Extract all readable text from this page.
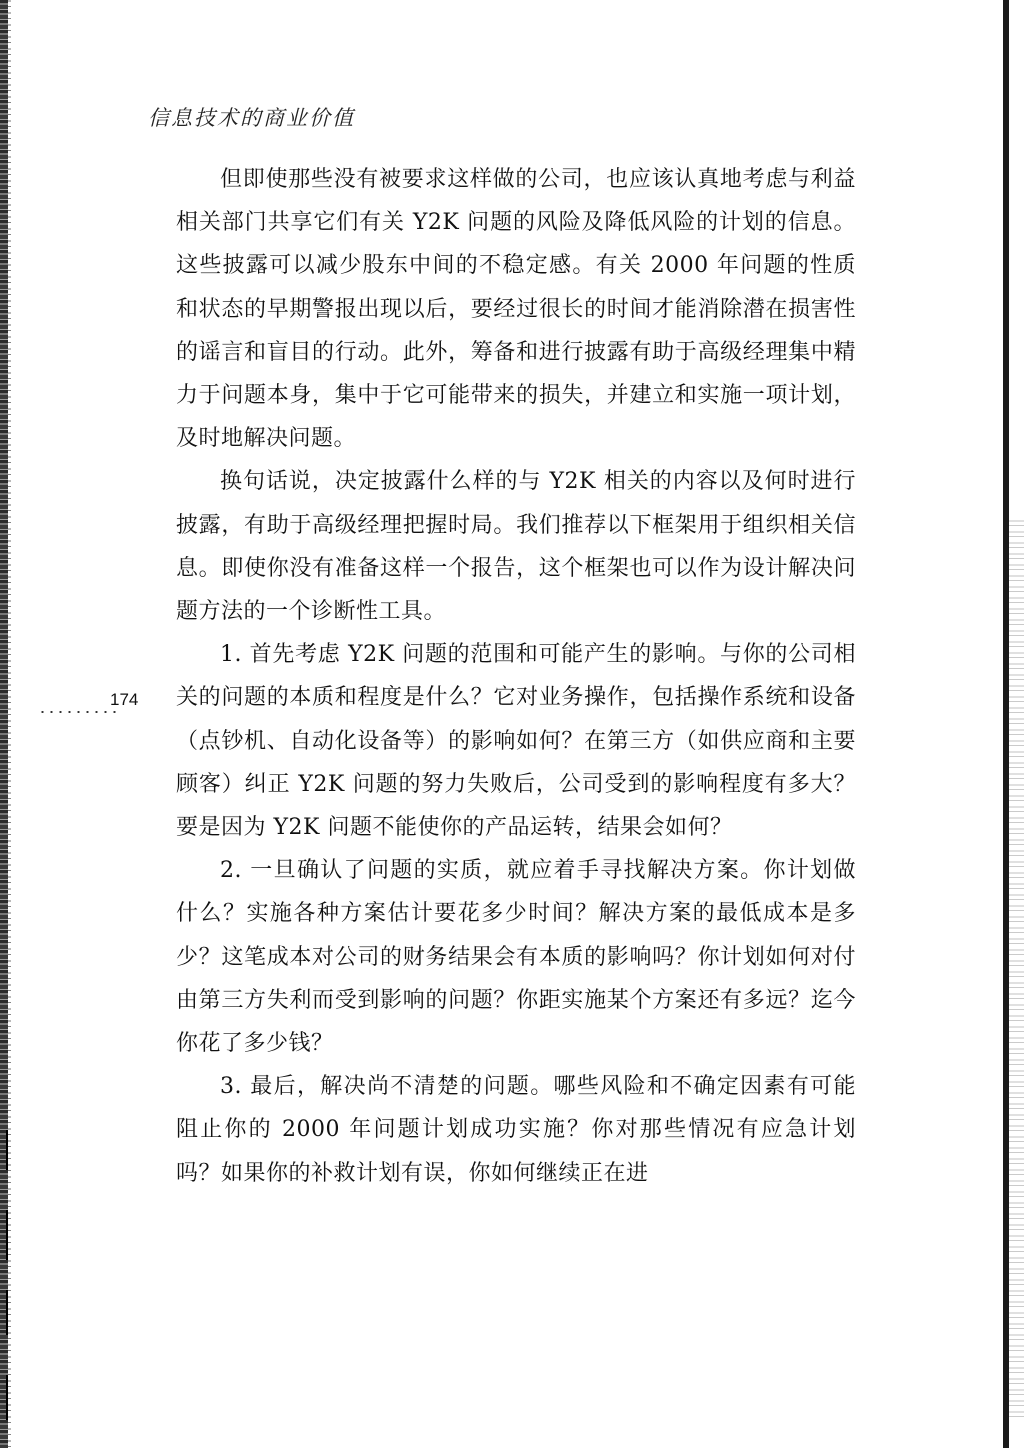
信息技术的商业价值
174

但即使那些没有被要求这样做的公司，也应该认真地考虑与利益相关部门共享它们有关 Y2K 问题的风险及降低风险的计划的信息。这些披露可以减少股东中间的不稳定感。有关 2000 年问题的性质和状态的早期警报出现以后，要经过很长的时间才能消除潜在损害性的谣言和盲目的行动。此外，筹备和进行披露有助于高级经理集中精力于问题本身，集中于它可能带来的损失，并建立和实施一项计划，及时地解决问题。

换句话说，决定披露什么样的与 Y2K 相关的内容以及何时进行披露，有助于高级经理把握时局。我们推荐以下框架用于组织相关信息。即使你没有准备这样一个报告，这个框架也可以作为设计解决问题方法的一个诊断性工具。

1. 首先考虑 Y2K 问题的范围和可能产生的影响。与你的公司相关的问题的本质和程度是什么？它对业务操作，包括操作系统和设备（点钞机、自动化设备等）的影响如何？在第三方（如供应商和主要顾客）纠正 Y2K 问题的努力失败后，公司受到的影响程度有多大？要是因为 Y2K 问题不能使你的产品运转，结果会如何？

2. 一旦确认了问题的实质，就应着手寻找解决方案。你计划做什么？实施各种方案估计要花多少时间？解决方案的最低成本是多少？这笔成本对公司的财务结果会有本质的影响吗？你计划如何对付由第三方失利而受到影响的问题？你距实施某个方案还有多远？迄今你花了多少钱？

3. 最后，解决尚不清楚的问题。哪些风险和不确定因素有可能阻止你的 2000 年问题计划成功实施？你对那些情况有应急计划吗？如果你的补救计划有误，你如何继续正在进
